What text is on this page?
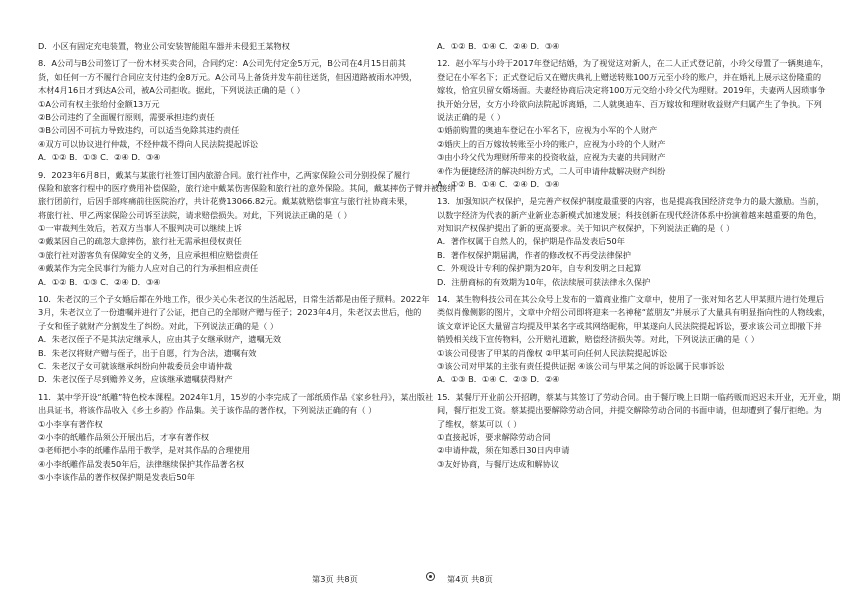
D．小区有固定充电装置，物业公司安装智能阻车器并未侵犯王某物权
8．A公司与B公司签订了一份木材买卖合同，合同约定：A公司先付定金5万元，B公司在4月15日前其
货，如任何一方不履行合同应支付违约金8万元。A公司马上备货并发车前往送货，但因道路被雨水冲毁，
木材4月16日才到达A公司，被A公司拒收。据此，下列说法正确的是（ ）
①A公司有权主张给付金额13万元
②B公司违约了全面履行原则，需要承担违约责任
③B公司因不可抗力导致违约，可以适当免除其违约责任
④双方可以协议进行仲裁，不经仲裁不得向人民法院提起诉讼
A．①② B．①③ C．②④ D．③④
9．2023年6月8日，戴某与某旅行社签订国内旅游合同。旅行社作中，乙两家保险公司分别投保了履行
保险和旅客行程中的医疗费用补偿保险，旅行途中戴某伤害保险和旅行社的意外保险。其间，戴某摔伤子臂并被接纳
旅行团前行，后因手部疼痛前往医院治疗，共计花费13066.82元。戴某就赔偿事宜与旅行社协商未果，
将旅行社、甲乙两家保险公司诉至法院，请求赔偿损失。对此，下列说法正确的是（ ）
①一审裁判生效后，若双方当事人不服判决可以继续上诉
②戴某因自己的疏忽大意摔伤，旅行社无需承担侵权责任
③旅行社对游客负有保障安全的义务，且应承担相应赔偿责任
④戴某作为完全民事行为能力人应对自己的行为承担相应责任
A．①② B．①③ C．②④ D．③④
10．朱老汉的三个子女婚后都在外地工作，很少关心朱老汉的生活起居，日常生活都是由侄子照料。2022年
3月，朱老汉立了一份遗嘱并进行了公证，把自己的全部财产赠与侄子；2023年4月，朱老汉去世后，他的
子女和侄子就财产分割发生了纠纷。对此，下列说法正确的是（ ）
A．朱老汉侄子不是其法定继承人，应由其子女继承财产，遗嘱无效
B．朱老汉将财产赠与侄子，出于自愿，行为合法，遗嘱有效
C．朱老汉子女可就该继承纠纷向仲裁委员会申请仲裁
D．朱老汉侄子尽到赡养义务，应该继承遗嘱获得财产
11．某中学开设“纸雕”特色校本课程。2024年1月，15岁的小李完成了一部纸质作品《家乡牡丹》，某出版社
出具证书，将该作品收入《乡土乡韵》作品集。关于该作品的著作权，下列说法正确的有（ ）
①小李享有著作权
②小李的纸雕作品须公开展出后，才享有著作权
③老师把小李的纸雕作品用于教学，是对其作品的合理使用
④小李纸雕作品发表50年后，法律继续保护其作品著名权
⑤小李该作品的著作权保护期是发表后50年
A．①② B．①④ C．②④ D．③④
12．赵小军与小玲于2017年登记结婚，为了视觉这对新人，在二人正式登记前，小玲父母置了一辆奥迪车，
登记在小军名下；正式登记后又在赠庆典礼上赠送转账100万元至小玲的账户，并在婚礼上展示这份隆重的
嫁妆，恰宜贝留女婿场面。夫妻经协商后决定将100万元交给小玲父代为理财。2019年，夫妻两人因琐事争
执开始分居，女方小玲欲向法院起诉离婚，二人就奥迪车、百万嫁妆和理财收益财产归属产生了争执。下列
说法正确的是（ ）
①婚前购置的奥迪车登记在小军名下，应视为小军的个人财产
②婚庆上的百万嫁妆转账至小玲的账户，应视为小玲的个人财产
③由小玲父代为理财所带来的投资收益，应视为夫妻的共同财产
④作为便捷经济的解决纠纷方式，二人可申请仲裁解决财产纠纷
A．①② B．①④ C．②④ D．③④
13．加强知识产权保护，是完善产权保护制度最重要的内容，也是提高我国经济竞争力的最大激励。当前，
以数字经济为代表的新产业新业态新模式加速发展；科技创新在现代经济体系中扮演着越来越重要的角色，
对知识产权保护提出了新的更高要求。关于知识产权保护，下列说法正确的是（ ）
A．著作权属于自然人的，保护期是作品发表后50年
B．著作权保护期届满，作者的修改权不再受法律保护
C．外观设计专利的保护期为20年，自专利发明之日起算
D．注册商标的有效期为10年，依法续展可获法律永久保护
14．某生物科技公司在其公众号上发布的一篇商业推广文章中，使用了一张对知名艺人甲某照片进行处理后
类似肖像侧影的图片，文章中介绍公司即将迎来一名神秘“蓝朋友”并展示了大量具有明显指向性的人物线索，
该文章评论区大量留言均提及甲某名字或其网络昵称，甲某遂向人民法院提起诉讼，要求该公司立即撤下并
销毁相关线下宣传物料，公开赔礼道歉，赔偿经济损失等。对此，下列说法正确的是（ ）
①该公司侵害了甲某的肖像权 ②甲某可向任何人民法院提起诉讼
③该公司对甲某的主张有责任提供证据 ④该公司与甲某之间的诉讼属于民事诉讼
A．①③ B．①④ C．②③ D．②④
15．某餐厅开业前公开招聘，蔡某与其签订了劳动合同。由于餐厅晚上日期一临药贩而迟迟未开业，无开业，期
间，餐厅拒发工资。蔡某提出要解除劳动合同，并提交解除劳动合同的书面申请，但却遭到了餐厅拒绝。为
了维权，蔡某可以（ ）
①直接起诉，要求解除劳动合同
②申请仲裁，须在知悉日30日内申请
③友好协商，与餐厅达成和解协议
第3页 共8页	第4页 共8页
